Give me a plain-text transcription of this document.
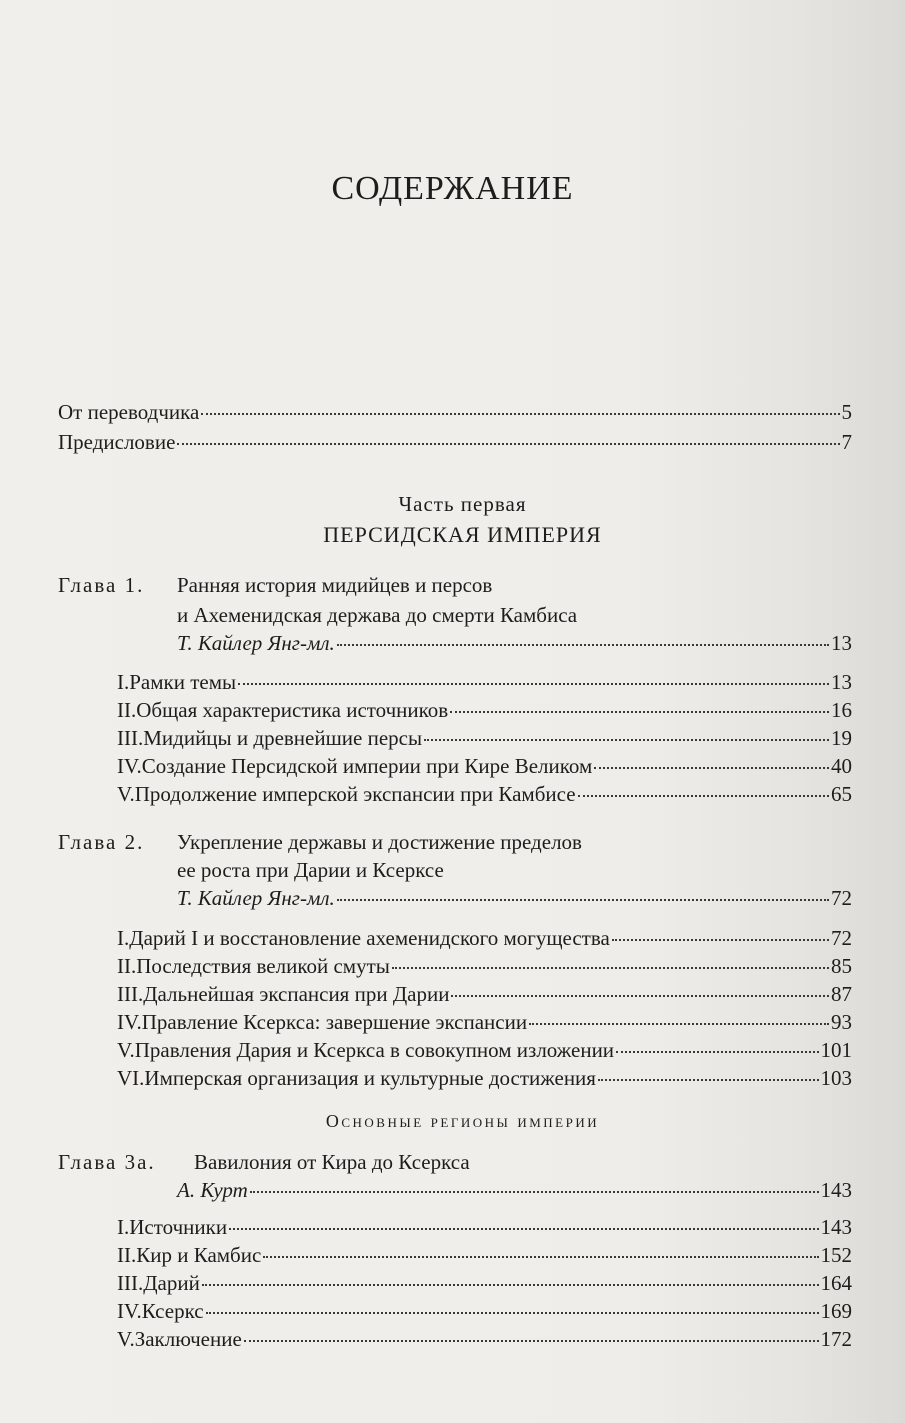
СОДЕРЖАНИЕ
От переводчика	5
Предисловие	7
Часть первая
ПЕРСИДСКАЯ ИМПЕРИЯ
Глава 1. Ранняя история мидийцев и персов
и Ахеменидская держава до смерти Камбиса
Т. Кайлер Янг-мл.	13
I.Рамки темы	13
II.Общая характеристика источников	16
III.Мидийцы и древнейшие персы	19
IV.Создание Персидской империи при Кире Великом	40
V.Продолжение имперской экспансии при Камбисе	65
Глава 2. Укрепление державы и достижение пределов
ее роста при Дарии и Ксерксе
Т. Кайлер Янг-мл.	72
I.Дарий I и восстановление ахеменидского могущества	72
II.Последствия великой смуты	85
III.Дальнейшая экспансия при Дарии	87
IV.Правление Ксеркса: завершение экспансии	93
V.Правления Дария и Ксеркса в совокупном изложении	101
VI.Имперская организация и культурные достижения	103
Основные регионы империи
Глава 3а. Вавилония от Кира до Ксеркса
А. Курт	143
I.Источники	143
II.Кир и Камбис	152
III.Дарий	164
IV.Ксеркс	169
V.Заключение	172
